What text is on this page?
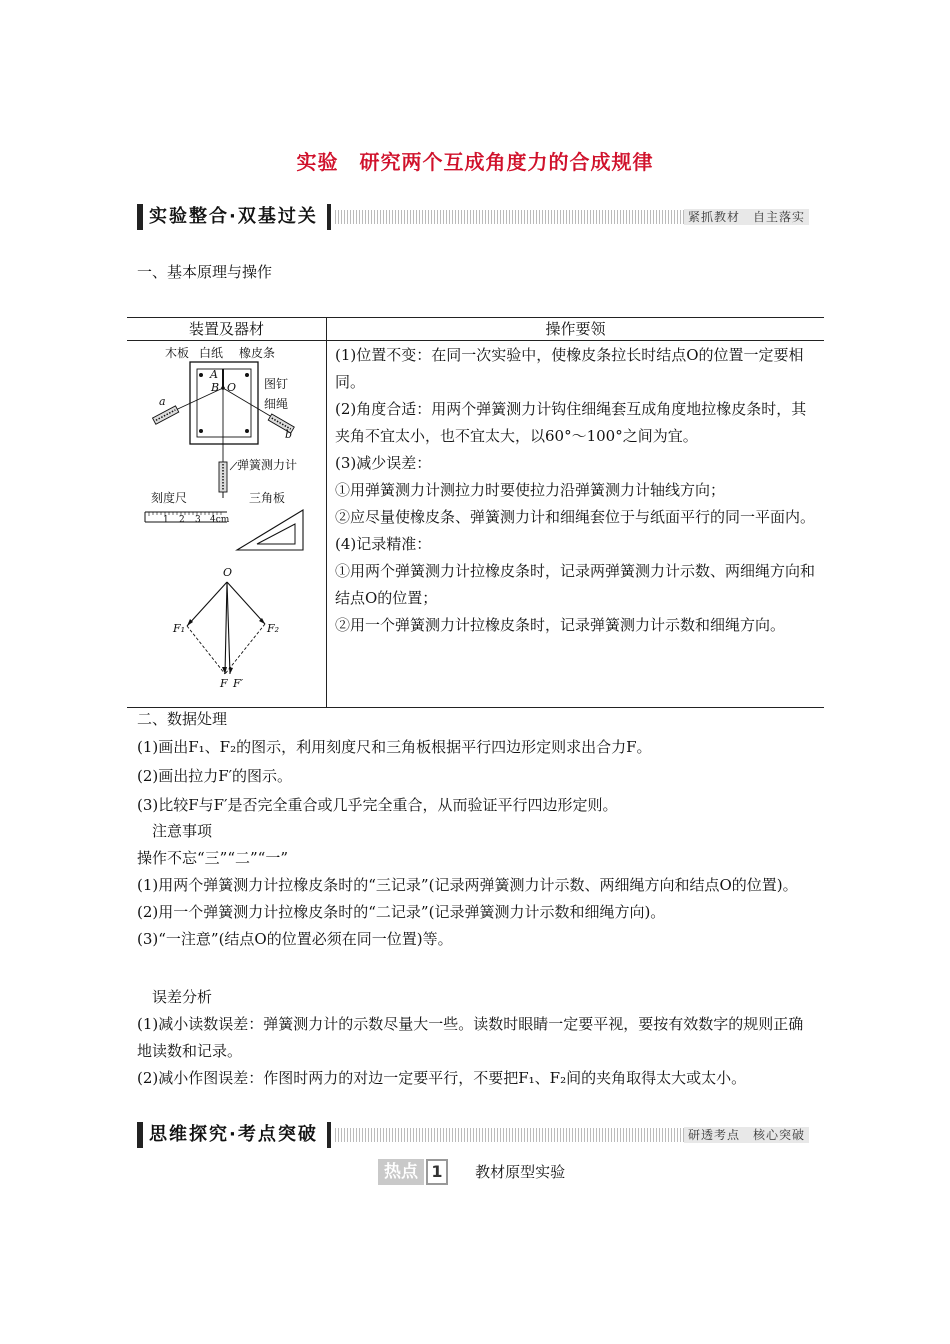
实验　研究两个互成角度力的合成规律
实验整合·双基过关	紧抓教材　自主落实
一、基本原理与操作
装置及器材	操作要领
木板 白纸 橡皮条
A
B O 图钉
细绳
a
b
弹簧测力计
刻度尺
1 2 3 4cm
三角板
O
F₁	F₂
F F′
(1)位置不变：在同一次实验中，使橡皮条拉长时结点O的位置一定要相同。
(2)角度合适：用两个弹簧测力计钩住细绳套互成角度地拉橡皮条时，其夹角不宜太小，也不宜太大，以60°～100°之间为宜。
(3)减少误差：
①用弹簧测力计测拉力时要使拉力沿弹簧测力计轴线方向；
②应尽量使橡皮条、弹簧测力计和细绳套位于与纸面平行的同一平面内。
(4)记录精准：
①用两个弹簧测力计拉橡皮条时，记录两弹簧测力计示数、两细绳方向和结点O的位置；
②用一个弹簧测力计拉橡皮条时，记录弹簧测力计示数和细绳方向。
二、数据处理
(1)画出F₁、F₂的图示，利用刻度尺和三角板根据平行四边形定则求出合力F。
(2)画出拉力F′的图示。
(3)比较F与F′是否完全重合或几乎完全重合，从而验证平行四边形定则。
注意事项
操作不忘“三”“二”“一”
(1)用两个弹簧测力计拉橡皮条时的“三记录”(记录两弹簧测力计示数、两细绳方向和结点O的位置)。
(2)用一个弹簧测力计拉橡皮条时的“二记录”(记录弹簧测力计示数和细绳方向)。
(3)“一注意”(结点O的位置必须在同一位置)等。
误差分析
(1)减小读数误差：弹簧测力计的示数尽量大一些。读数时眼睛一定要平视，要按有效数字的规则正确地读数和记录。
(2)减小作图误差：作图时两力的对边一定要平行，不要把F₁、F₂间的夹角取得太大或太小。
思维探究·考点突破	研透考点　核心突破
热点 1 教材原型实验
